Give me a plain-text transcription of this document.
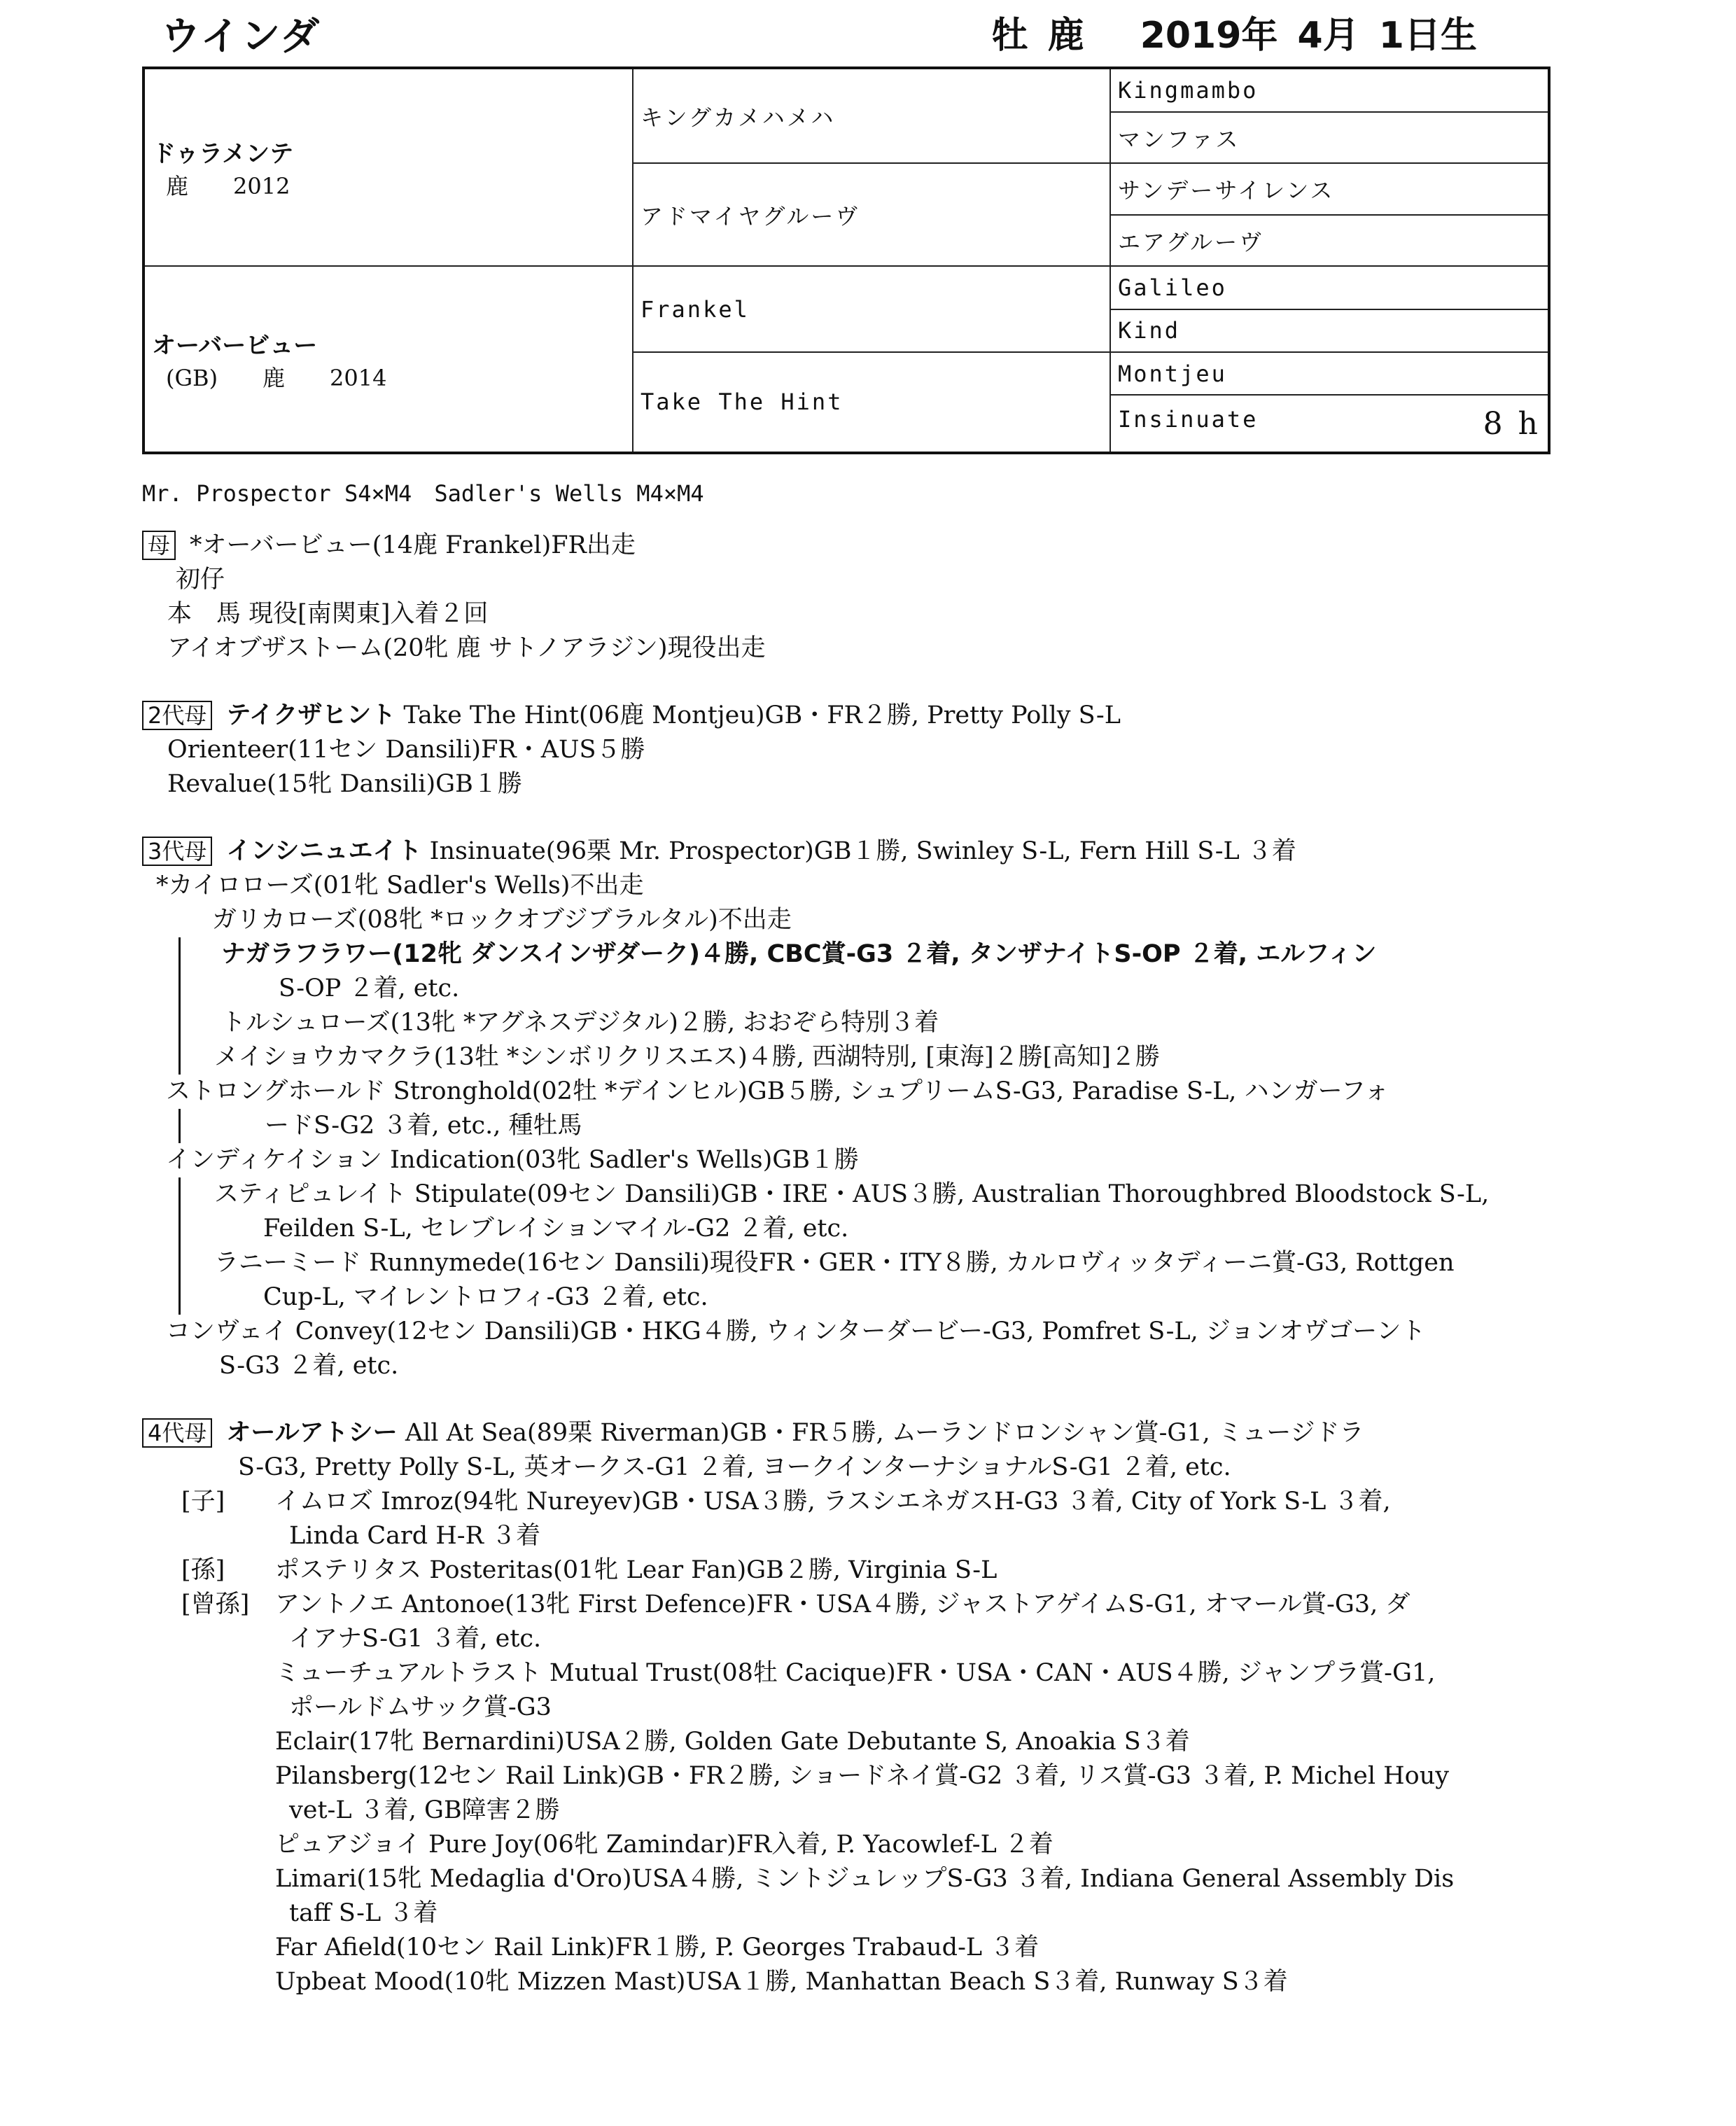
ウインダ	牡 鹿　 2019年 4月 1日生
ドゥラメンテ
鹿　　2012	キングカメハメハ	Kingmambo
		マンファス
	アドマイヤグルーヴ	サンデーサイレンス
		エアグルーヴ

オーバービュー
(GB)　　鹿　　2014	Frankel	Galileo
		Kind
	Take The Hint	Montjeu
		Insinuate 8 h
Mr. Prospector S4×M4　Sadler's Wells M4×M4
母 *オーバービュー(14鹿 Frankel)FR出走
初仔
本　馬 現役[南関東]入着２回
アイオブザストーム(20牝 鹿 サトノアラジン)現役出走
2代母 テイクザヒント Take The Hint(06鹿 Montjeu)GB・FR２勝, Pretty Polly S-L
Orienteer(11セン Dansili)FR・AUS５勝
Revalue(15牝 Dansili)GB１勝
3代母 インシニュエイト Insinuate(96栗 Mr. Prospector)GB１勝, Swinley S-L, Fern Hill S-L ３着
*カイロローズ(01牝 Sadler's Wells)不出走
ガリカローズ(08牝 *ロックオブジブラルタル)不出走
ナガラフラワー(12牝 ダンスインザダーク)４勝, CBC賞-G3 ２着, タンザナイトS-OP ２着, エルフィン
S-OP ２着, etc.
トルシュローズ(13牝 *アグネスデジタル)２勝, おおぞら特別３着
メイショウカマクラ(13牡 *シンボリクリスエス)４勝, 西湖特別, [東海]２勝[高知]２勝
ストロングホールド Stronghold(02牡 *デインヒル)GB５勝, シュプリームS-G3, Paradise S-L, ハンガーフォ
ードS-G2 ３着, etc., 種牡馬
インディケイション Indication(03牝 Sadler's Wells)GB１勝
スティピュレイト Stipulate(09セン Dansili)GB・IRE・AUS３勝, Australian Thoroughbred Bloodstock S-L,
Feilden S-L, セレブレイションマイル-G2 ２着, etc.
ラニーミード Runnymede(16セン Dansili)現役FR・GER・ITY８勝, カルロヴィッタディーニ賞-G3, Rottgen
Cup-L, マイレントロフィ-G3 ２着, etc.
コンヴェイ Convey(12セン Dansili)GB・HKG４勝, ウィンターダービー-G3, Pomfret S-L, ジョンオヴゴーント
S-G3 ２着, etc.
4代母 オールアトシー All At Sea(89栗 Riverman)GB・FR５勝, ムーランドロンシャン賞-G1, ミュージドラ
S-G3, Pretty Polly S-L, 英オークス-G1 ２着, ヨークインターナショナルS-G1 ２着, etc.
[子] イムロズ Imroz(94牝 Nureyev)GB・USA３勝, ラスシエネガスH-G3 ３着, City of York S-L ３着,
Linda Card H-R ３着
[孫] ポステリタス Posteritas(01牝 Lear Fan)GB２勝, Virginia S-L
[曾孫] アントノエ Antonoe(13牝 First Defence)FR・USA４勝, ジャストアゲイムS-G1, オマール賞-G3, ダ
イアナS-G1 ３着, etc.
ミューチュアルトラスト Mutual Trust(08牡 Cacique)FR・USA・CAN・AUS４勝, ジャンプラ賞-G1,
ポールドムサック賞-G3
Eclair(17牝 Bernardini)USA２勝, Golden Gate Debutante S, Anoakia S３着
Pilansberg(12セン Rail Link)GB・FR２勝, ショードネイ賞-G2 ３着, リス賞-G3 ３着, P. Michel Houy
vet-L ３着, GB障害２勝
ピュアジョイ Pure Joy(06牝 Zamindar)FR入着, P. Yacowlef-L ２着
Limari(15牝 Medaglia d'Oro)USA４勝, ミントジュレップS-G3 ３着, Indiana General Assembly Dis
taff S-L ３着
Far Afield(10セン Rail Link)FR１勝, P. Georges Trabaud-L ３着
Upbeat Mood(10牝 Mizzen Mast)USA１勝, Manhattan Beach S３着, Runway S３着
